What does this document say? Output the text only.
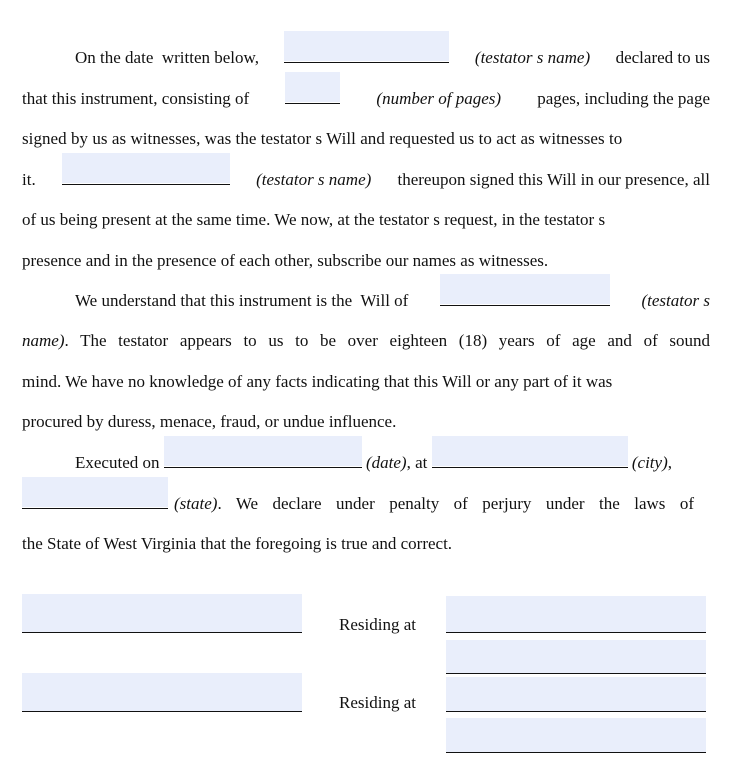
On the date  written below,	(testator s name) declared to us
that this instrument, consisting of	(number of pages) pages, including the page
signed by us as witnesses, was the testator s Will and requested us to act as witnesses to
it.	(testator s name) thereupon signed this Will in our presence, all
of us being present at the same time. We now, at the testator s request, in the testator s
presence and in the presence of each other, subscribe our names as witnesses.
We understand that this instrument is the  Will of	(testator s
name) . The testator appears to us to be over eighteen (18) years of age and of sound
mind. We have no knowledge of any facts indicating that this Will or any part of it was
procured by duress, menace, fraud, or undue influence.
Executed on

	(date) , at

	(city) ,
(state) . We declare under penalty of perjury under the laws of
the State of West Virginia that the foregoing is true and correct.
Residing at
Residing at
